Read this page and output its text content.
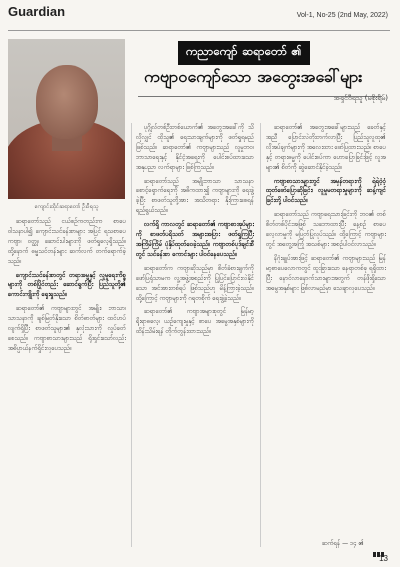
Guardian	Vol-1, No-25 (2nd May, 2022)
ကျောင်းထိုင်ဆရာတော် ဦးဝီရသူ
ကညာကျော် ဆရာတော် ၏
ကဗျာဝကျော်သော အတွေးအခေါ်များ
အရှင်ဝီရသူ (မစိုးရိမ်)

ဆရာတော်သည် ငယ်စဉ်ကတည်းက စာပေဝါသနာပါ၍ ကျောင်းသင်ခန်းစာများ အပြင် ရသစာပေ ကဗျာ၊ ဝတ္ထု၊ ဆောင်းပါးများကို ဖတ်ရှုလေ့ရှိသည်။ ထို့နောက် ဓမ္မသင်တန်းများ ဆက်လက် တက်ရောက်ခဲ့သည်။

ကျောင်းသင်ခန်းစာတွင် တရားဓမ္မနှင့် လူမှုရေးကိစ္စများကို တစ်ပြိုင်တည်း ဆောင်ရွက်ပြီး ပြည်သူတို့၏ ကောင်းကျိုးကို ရှေးရှုသည်။

ဆရာတော်၏ ကဗျာများတွင် အမျိုး၊ ဘာသာ၊ သာသနာကို ချစ်မြတ်နိုးသော စိတ်ဓာတ်များ ထင်ဟပ်လျက်ရှိပြီး စာဖတ်သူများ၏ နှလုံးသားကို လှုပ်ခတ်စေသည်။ ကဗျာစာသားများသည် ရိုးရှင်းသော်လည်း အဓိပ္ပာယ်နက်ရှိုင်းလှပေသည်။

ပုဂ္ဂိုလ်တစ်ဦးတစ်ယောက်၏ အတွေးအခေါ်ကို သိလိုလျှင် ထိုသူ၏ ရေးသားချက်များကို ဖတ်ရှုရမည်ဖြစ်သည်။ ဆရာတော်၏ ကဗျာများသည် လူမှုဘဝ၊ ဘာသာရေးနှင့် နိုင်ငံ့အရေးကို ပေါင်းစပ်ထားသော အနုပညာ လက်ရာများ ဖြစ်ကြသည်။

ဆရာတော်သည် အမျိုးဘာသာ သာသနာ စောင့်ရှောက်ရေးကို အဓိကထား၍ ကဗျာများကို ရေးဖွဲ့ခဲ့ပြီး စာဖတ်သူတို့အား အသိတရား နိုးကြားစေရန် ရည်ရွယ်သည်။

လက်ရှိ ကာလတွင် ဆရာတော်၏ ကဗျာစာအုပ်များကို စာဖတ်ပရိသတ် အများအပြား ဖတ်ရှုကြပြီး အကြိမ်ကြိမ် ပုံနှိပ်ထုတ်ဝေခဲ့သည်။ ကဗျာတစ်ပုဒ်ချင်းစီတွင် သင်ခန်းစာ ကောင်းများ ပါဝင်နေပေသည်။

ဆရာတော်က ကဗျာဆိုသည်မှာ စိတ်ခံစားချက်ကို ဖော်ပြရုံသာမက လူ့အဖွဲ့အစည်းကို ပြုပြင်ပြောင်းလဲနိုင်သော အင်အားတစ်ရပ် ဖြစ်သည်ဟု မိန့်ကြားခဲ့သည်။ ထို့ကြောင့် ကဗျာများကို ဂရုတစိုက် ရေးဖွဲ့ခဲ့သည်။

ဆရာတော်၏ ကဗျာအများစုတွင် မြန်မာ့ ရိုးရာဓလေ့၊ ယဉ်ကျေးမှုနှင့် စာပေ အမွေအနှစ်များကို ထိန်းသိမ်းရန် တိုက်တွန်းထားသည်။

ဆရာတော်၏ အတွေးအခေါ်များသည် ခေတ်နှင့်အညီ ပြောင်းလဲတိုးတက်လာပြီး ပြည်သူလူထု၏ လိုအပ်ချက်များကို အလေးထား ဖော်ပြထားသည်။ စာပေနှင့် တရားဓမ္မကို ပေါင်းစပ်ကာ ဟောပြောခြင်းဖြင့် လူအများ၏ စိတ်ကို ဆွဲဆောင်နိုင်ခဲ့သည်။

ကဗျာစာသားများတွင် အမှန်တရားကို ရဲရဲဝံ့ဝံ့ ထုတ်ဖော်ပြောဆိုခြင်း၊ လူမှုမတရားမှုများကို ဆန့်ကျင်ခြင်းတို့ ပါဝင်သည်။

ဆရာတော်သည် ကဗျာရေးသားခြင်းကို ဘဝ၏ တစ်စိတ်တစ်ပိုင်းအဖြစ် သဘောထားပြီး နေ့စဉ် စာပေ လေ့လာမှုကို မပြတ်ပြုလုပ်သည်။ ထို့ကြောင့် ကဗျာများတွင် အတွေ့အကြုံ အသစ်များ အစဉ်ပါဝင်လာသည်။

နိဂုံးချုပ်အားဖြင့် ဆရာတော်၏ ကဗျာများသည် မြန်မာ့စာပေလောကတွင် ထူးခြားသော နေရာတစ်ခု ရရှိထားပြီး နောင်လာနောက်သားများအတွက် တန်ဖိုးရှိသော အမွေအနှစ်များ ဖြစ်လာမည်မှာ သေချာလှပေသည်။

ဆက်ရန် — ၁၄ ၏
13
